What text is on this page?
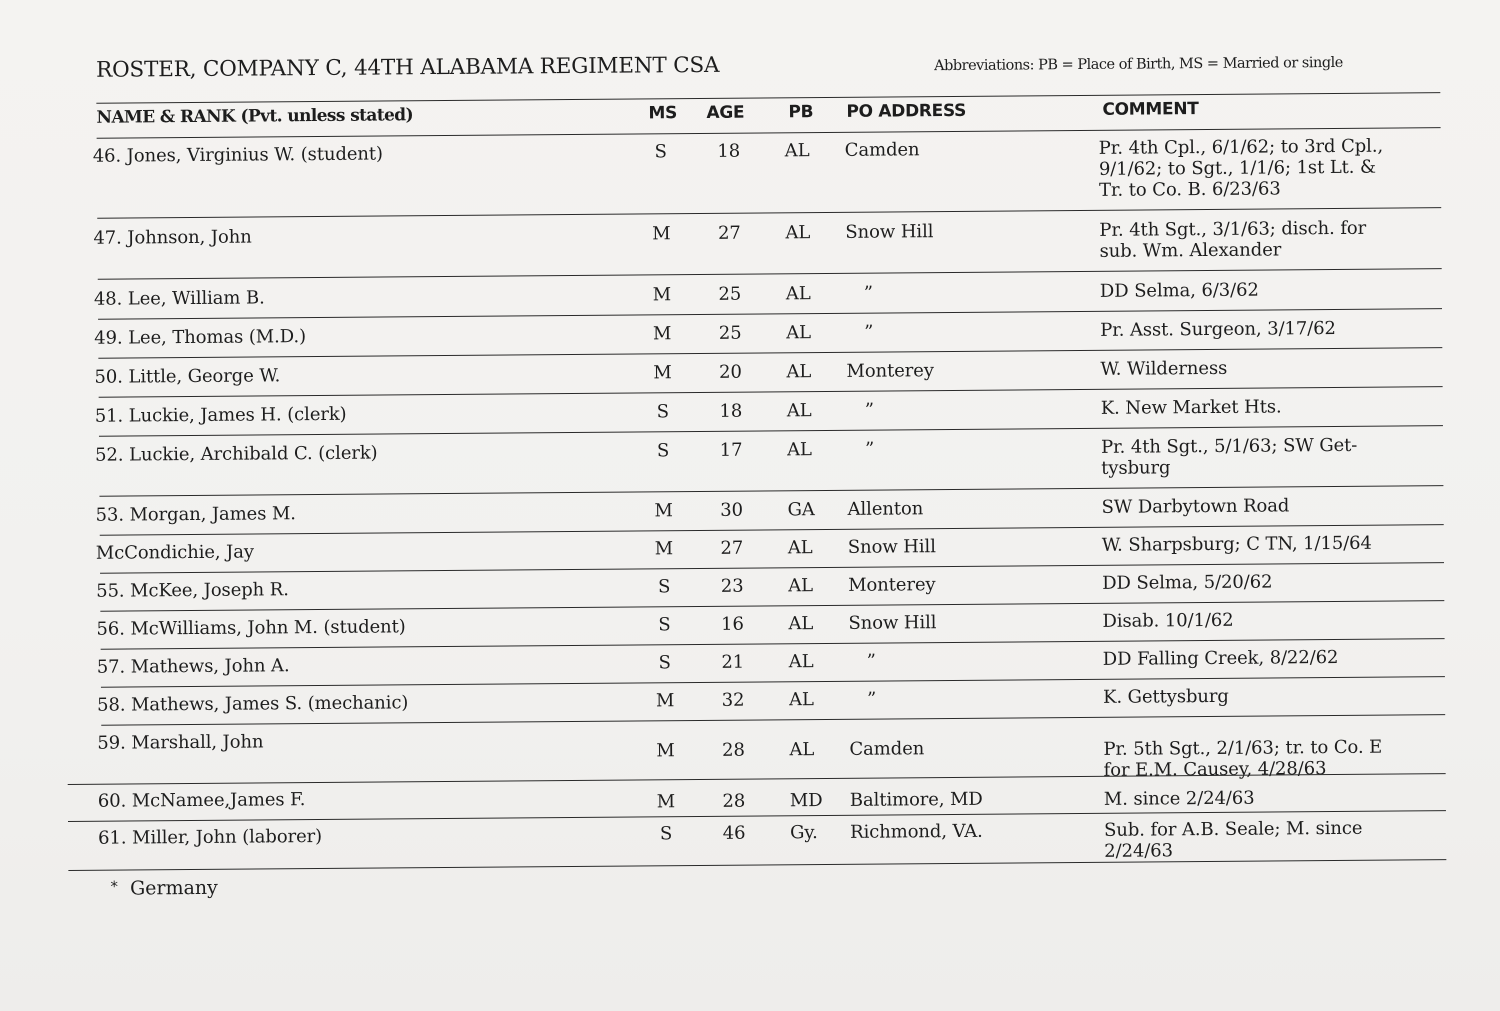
ROSTER, COMPANY C, 44TH ALABAMA REGIMENT CSA	Abbreviations: PB = Place of Birth, MS = Married or single
NAME & RANK (Pvt. unless stated)	MS AGE	PB PO ADDRESS	COMMENT
46. Jones, Virginius W. (student)	S	18	AL Camden	Pr. 4th Cpl., 6/1/62; to 3rd Cpl.,
9/1/62; to Sgt., 1/1/6; 1st Lt. &
Tr. to Co. B. 6/23/63
47. Johnson, John	M	27	AL Snow Hill	Pr. 4th Sgt., 3/1/63; disch. for
sub. Wm. Alexander
48. Lee, William B.	M	25	AL	”	DD Selma, 6/3/62
49. Lee, Thomas (M.D.)	M	25	AL	”	Pr. Asst. Surgeon, 3/17/62
50. Little, George W.	M	20	AL Monterey	W. Wilderness
51. Luckie, James H. (clerk)	S	18	AL	”	K. New Market Hts.
52. Luckie, Archibald C. (clerk)	S	17	AL	”	Pr. 4th Sgt., 5/1/63; SW Get-
tysburg
53. Morgan, James M.	M	30	GA Allenton	SW Darbytown Road
McCondichie, Jay	M	27	AL Snow Hill	W. Sharpsburg; C TN, 1/15/64
55. McKee, Joseph R.	S	23	AL Monterey	DD Selma, 5/20/62
56. McWilliams, John M. (student)	S	16	AL Snow Hill	Disab. 10/1/62
57. Mathews, John A.	S	21	AL	”	DD Falling Creek, 8/22/62
58. Mathews, James S. (mechanic)	M	32	AL	”	K. Gettysburg
59. Marshall, John	M	28	AL Camden	Pr. 5th Sgt., 2/1/63; tr. to Co. E
for E.M. Causey, 4/28/63
60. McNamee,James F.	M	28	MD Baltimore, MD	M. since 2/24/63
61. Miller, John (laborer)	S	46	Gy. Richmond, VA.	Sub. for A.B. Seale; M. since
2/24/63
* Germany
